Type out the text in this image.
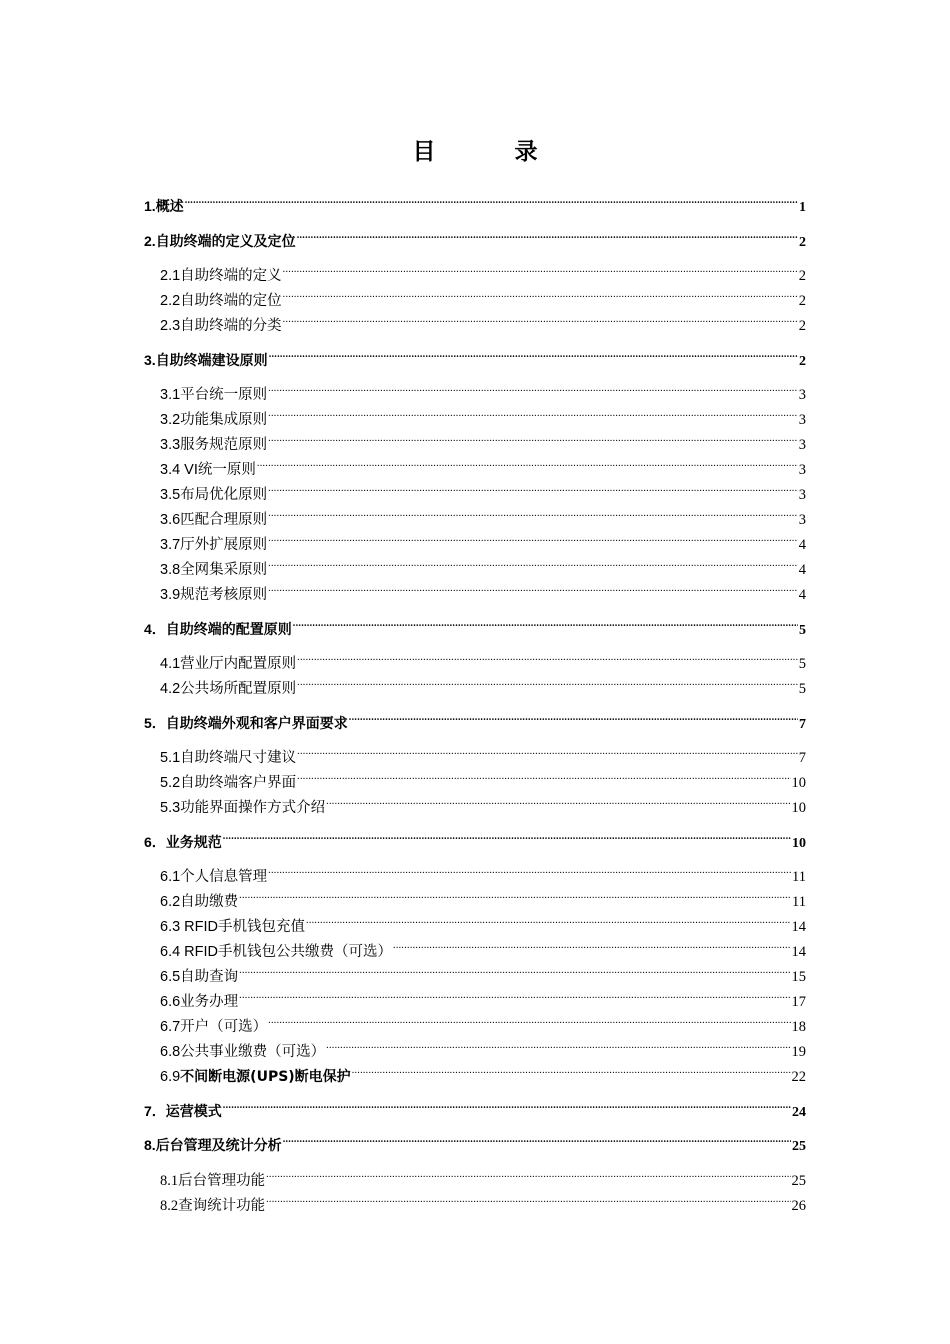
目　录
1. 概述 .....	1
2. 自助终端的定义及定位 .....	2
2.1 自助终端的定义 .....	2
2.2 自助终端的定位 .....	2
2.3 自助终端的分类 .....	2
3. 自助终端建设原则 .....	2
3.1 平台统一原则 .....	3
3.2 功能集成原则 .....	3
3.3 服务规范原则 .....	3
3.4 VI 统一原则 .....	3
3.5 布局优化原则 .....	3
3.6 匹配合理原则 .....	3
3.7 厅外扩展原则 .....	4
3.8 全网集采原则 .....	4
3.9 规范考核原则 .....	4
4． 自助终端的配置原则 .....	5
4.1 营业厅内配置原则 .....	5
4.2 公共场所配置原则 .....	5
5． 自助终端外观和客户界面要求 .....	7
5.1 自助终端尺寸建议 .....	7
5.2 自助终端客户界面 .....	10
5.3 功能界面操作方式介绍 .....	10
6． 业务规范 .....	10
6.1 个人信息管理 .....	11
6.2 自助缴费 .....	11
6.3 RFID 手机钱包充值 .....	14
6.4 RFID 手机钱包公共缴费（可选） .....	14
6.5 自助查询 .....	15
6.6 业务办理 .....	17
6.7 开户（可选） .....	18
6.8 公共事业缴费（可选） .....	19
6.9 不间断电源(UPS)断电保护 .....	22
7． 运营模式 .....	24
8. 后台管理及统计分析 .....	25
8.1 后台管理功能 .....	25
8.2 查询统计功能 .....	26
